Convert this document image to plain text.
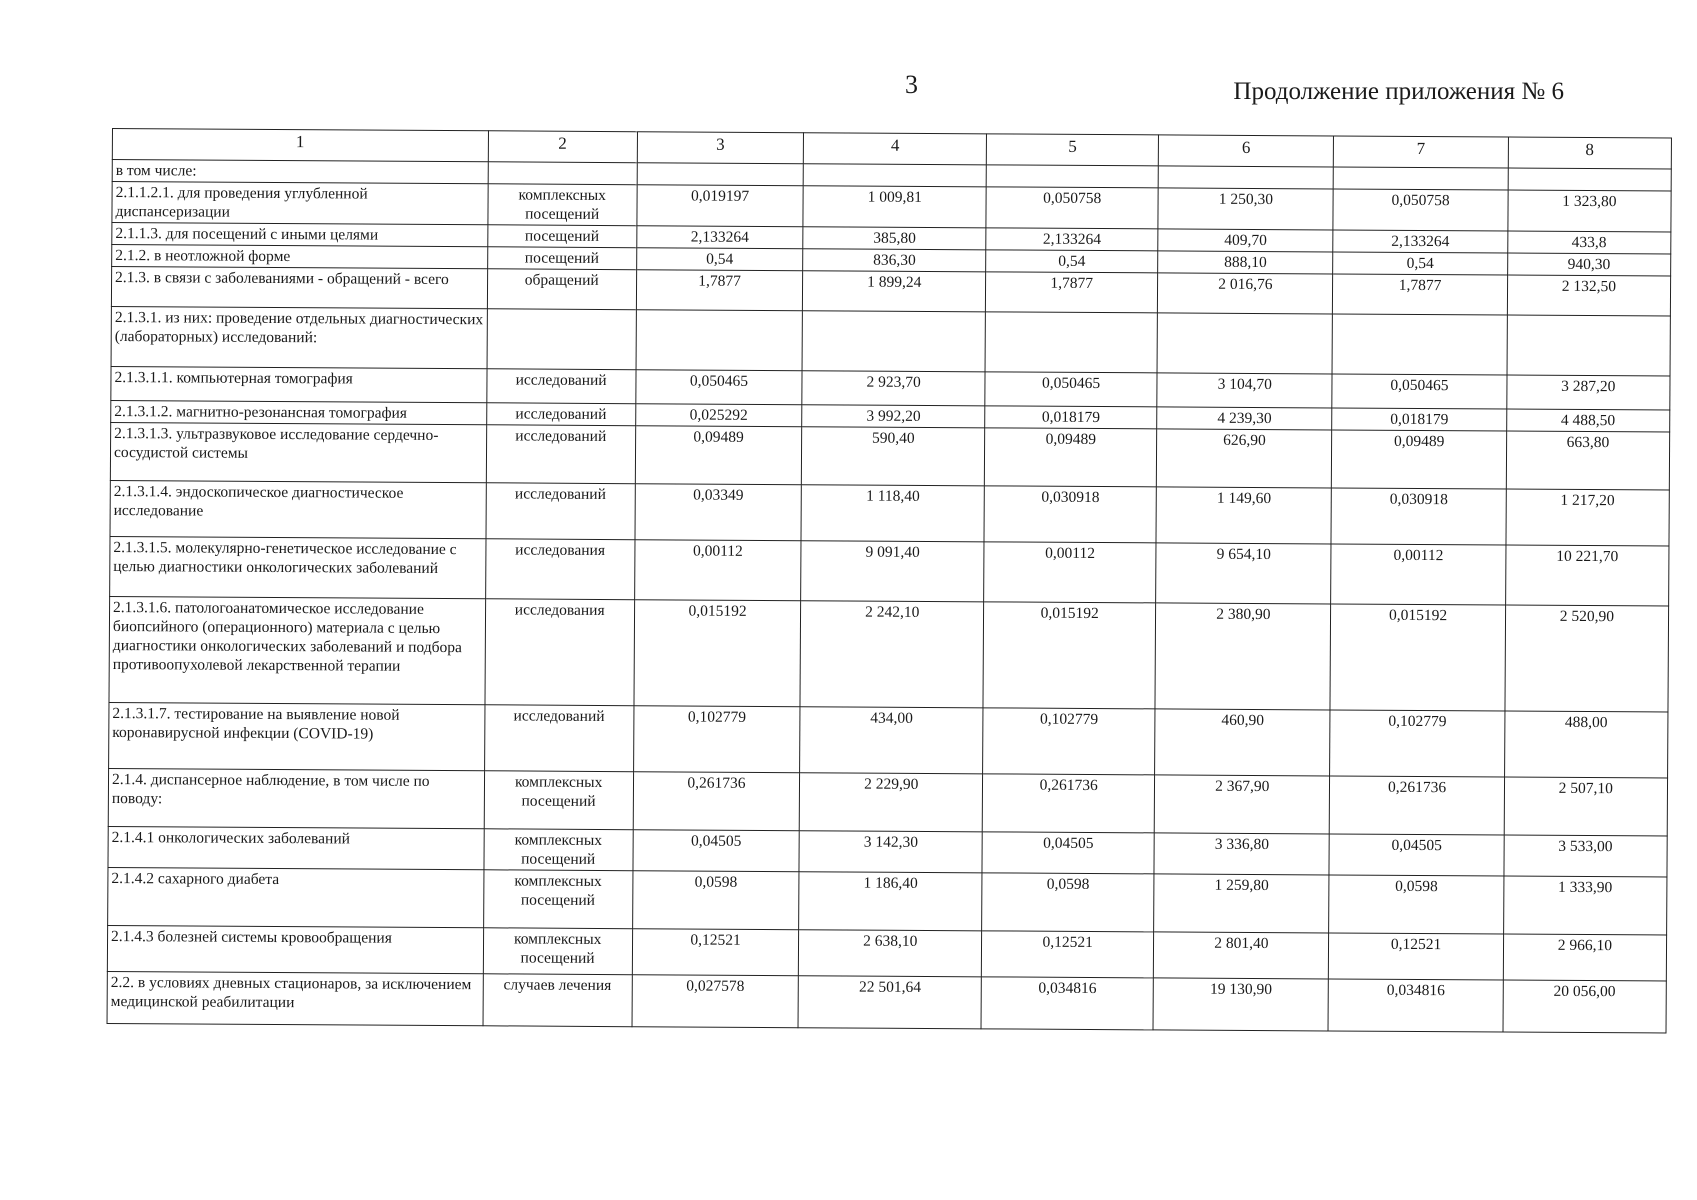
3	Продолжение приложения № 6
1	2	3	4	5	6	7	8
в том числе:							
2.1.1.2.1. для проведения углубленной диспансеризации	комплексных посещений	0,019197	1 009,81	0,050758	1 250,30	0,050758	1 323,80
2.1.1.3. для посещений с иными целями	посещений	2,133264	385,80	2,133264	409,70	2,133264	433,8
2.1.2. в неотложной форме	посещений	0,54	836,30	0,54	888,10	0,54	940,30
2.1.3. в связи с заболеваниями - обращений - всего	обращений	1,7877	1 899,24	1,7877	2 016,76	1,7877	2 132,50
2.1.3.1. из них: проведение отдельных диагностических (лабораторных) исследований:							
2.1.3.1.1. компьютерная томография	исследований	0,050465	2 923,70	0,050465	3 104,70	0,050465	3 287,20
2.1.3.1.2. магнитно-резонансная томография	исследований	0,025292	3 992,20	0,018179	4 239,30	0,018179	4 488,50
2.1.3.1.3. ультразвуковое исследование сердечно-сосудистой системы	исследований	0,09489	590,40	0,09489	626,90	0,09489	663,80
2.1.3.1.4. эндоскопическое диагностическое исследование	исследований	0,03349	1 118,40	0,030918	1 149,60	0,030918	1 217,20
2.1.3.1.5. молекулярно-генетическое исследование с целью диагностики онкологических заболеваний	исследования	0,00112	9 091,40	0,00112	9 654,10	0,00112	10 221,70
2.1.3.1.6. патологоанатомическое исследование биопсийного (операционного) материала с целью диагностики онкологических заболеваний и подбора противоопухолевой лекарственной терапии	исследования	0,015192	2 242,10	0,015192	2 380,90	0,015192	2 520,90
2.1.3.1.7. тестирование на выявление новой коронавирусной инфекции (COVID-19)	исследований	0,102779	434,00	0,102779	460,90	0,102779	488,00
2.1.4. диспансерное наблюдение, в том числе по поводу:	комплексных посещений	0,261736	2 229,90	0,261736	2 367,90	0,261736	2 507,10
2.1.4.1 онкологических заболеваний	комплексных посещений	0,04505	3 142,30	0,04505	3 336,80	0,04505	3 533,00
2.1.4.2 сахарного диабета	комплексных посещений	0,0598	1 186,40	0,0598	1 259,80	0,0598	1 333,90
2.1.4.3 болезней системы кровообращения	комплексных посещений	0,12521	2 638,10	0,12521	2 801,40	0,12521	2 966,10
2.2. в условиях дневных стационаров, за исключением медицинской реабилитации	случаев лечения	0,027578	22 501,64	0,034816	19 130,90	0,034816	20 056,00
